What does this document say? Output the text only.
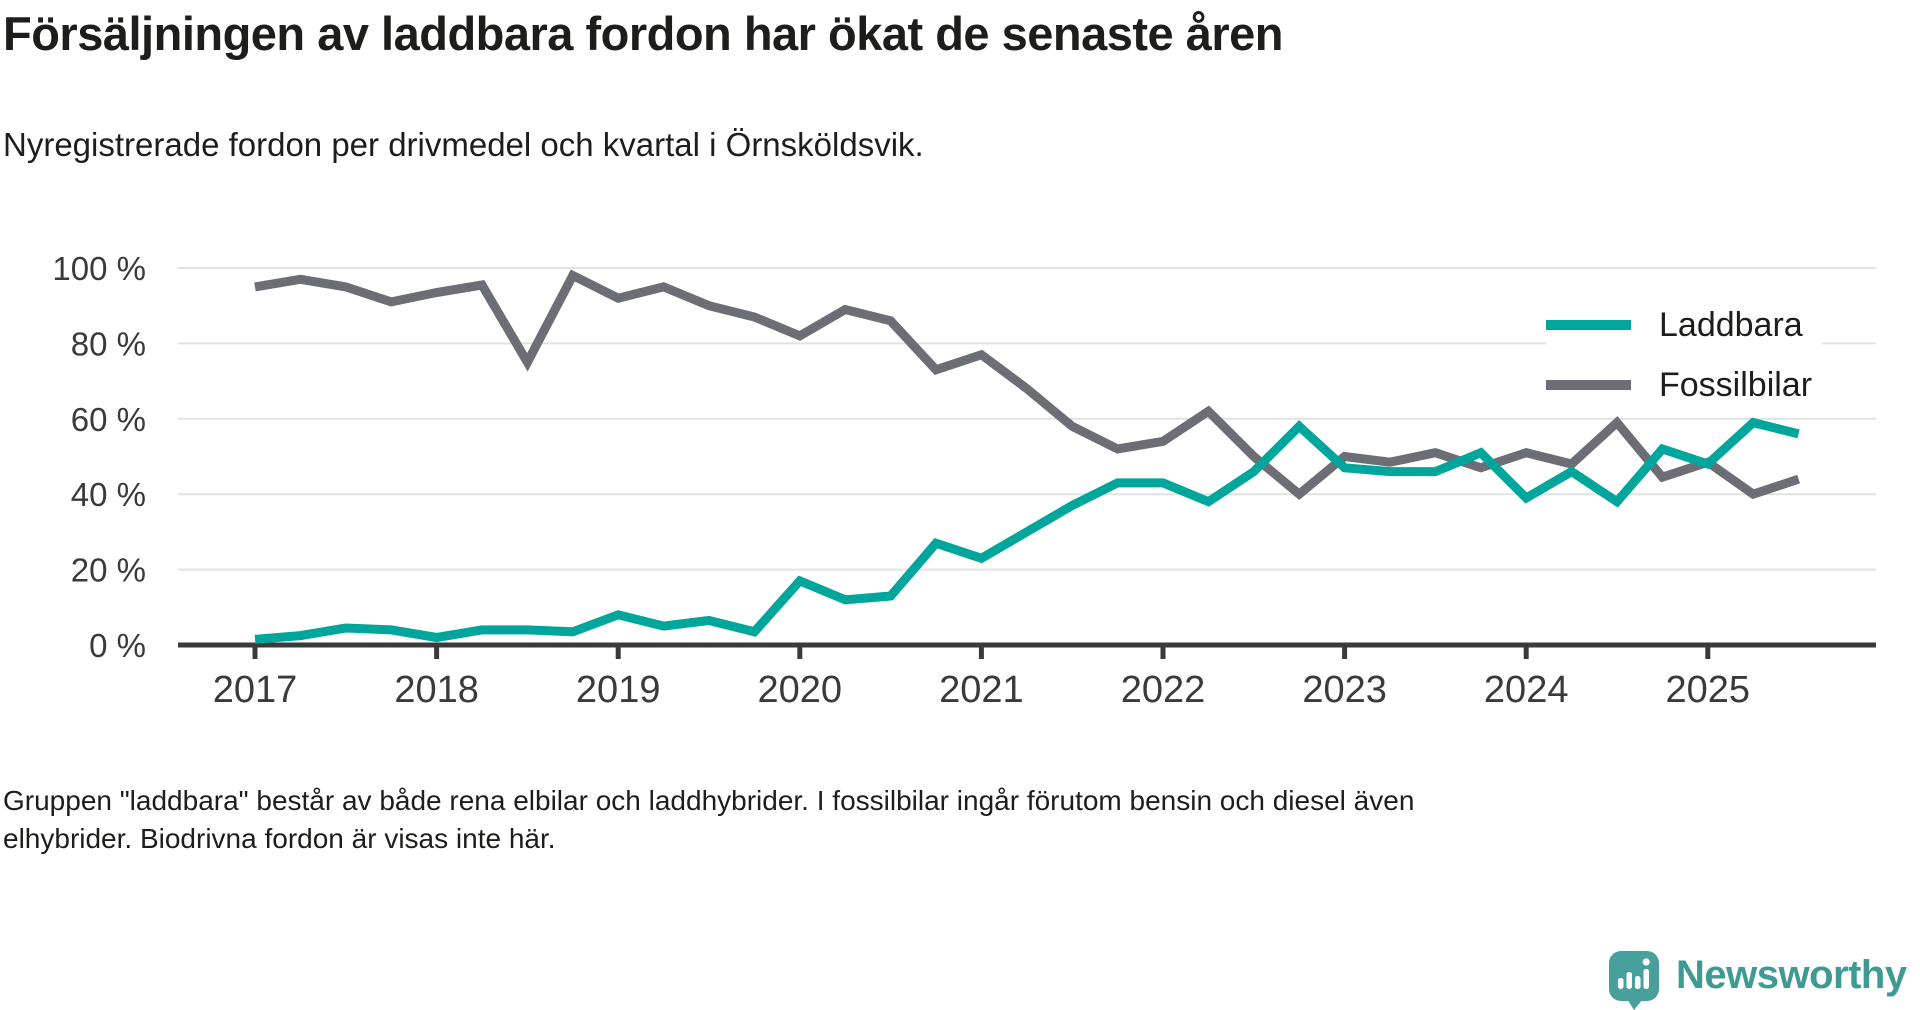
Försäljningen av laddbara fordon har ökat de senaste åren

Nyregistrerade fordon per drivmedel och kvartal i Örnsköldsvik.

0 %
20 %
40 %
60 %
80 %
100 %
2017	2018	2019	2020	2021	2022	2023	2024	2025
Laddbara
Fossilbilar
Gruppen "laddbara" består av både rena elbilar och laddhybrider. I fossilbilar ingår förutom bensin och diesel även
elhybrider. Biodrivna fordon är visas inte här.
Newsworthy
